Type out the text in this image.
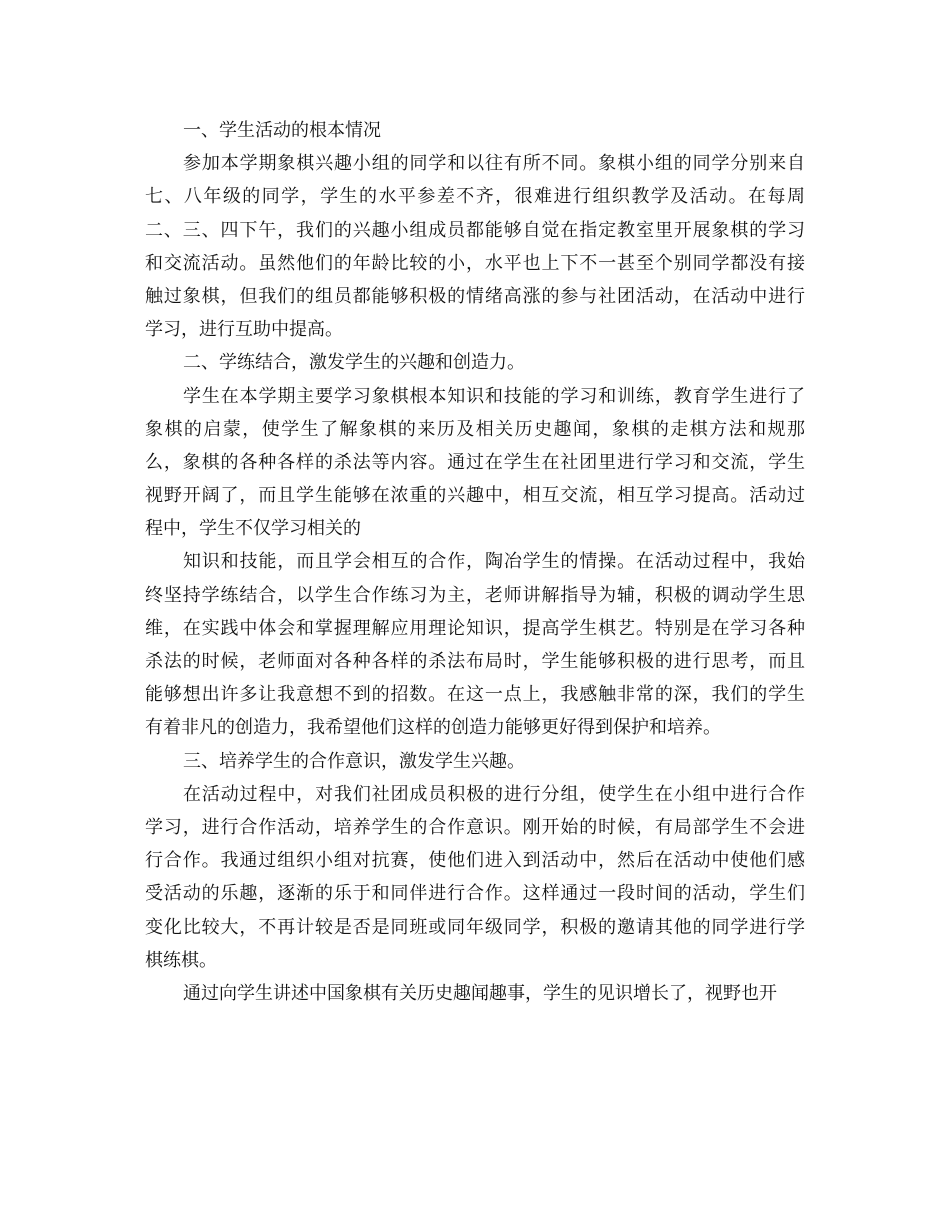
一、学生活动的根本情况
参加本学期象棋兴趣小组的同学和以往有所不同。象棋小组的同学分别来自
七、八年级的同学，学生的水平参差不齐，很难进行组织教学及活动。在每周
二、三、四下午，我们的兴趣小组成员都能够自觉在指定教室里开展象棋的学习
和交流活动。虽然他们的年龄比较的小，水平也上下不一甚至个别同学都没有接
触过象棋，但我们的组员都能够积极的情绪高涨的参与社团活动，在活动中进行
学习，进行互助中提高。
二、学练结合，激发学生的兴趣和创造力。
学生在本学期主要学习象棋根本知识和技能的学习和训练，教育学生进行了
象棋的启蒙，使学生了解象棋的来历及相关历史趣闻，象棋的走棋方法和规那
么，象棋的各种各样的杀法等内容。通过在学生在社团里进行学习和交流，学生
视野开阔了，而且学生能够在浓重的兴趣中，相互交流，相互学习提高。活动过
程中，学生不仅学习相关的
知识和技能，而且学会相互的合作，陶冶学生的情操。在活动过程中，我始
终坚持学练结合，以学生合作练习为主，老师讲解指导为辅，积极的调动学生思
维，在实践中体会和掌握理解应用理论知识，提高学生棋艺。特别是在学习各种
杀法的时候，老师面对各种各样的杀法布局时，学生能够积极的进行思考，而且
能够想出许多让我意想不到的招数。在这一点上，我感触非常的深，我们的学生
有着非凡的创造力，我希望他们这样的创造力能够更好得到保护和培养。
三、培养学生的合作意识，激发学生兴趣。
在活动过程中，对我们社团成员积极的进行分组，使学生在小组中进行合作
学习，进行合作活动，培养学生的合作意识。刚开始的时候，有局部学生不会进
行合作。我通过组织小组对抗赛，使他们进入到活动中，然后在活动中使他们感
受活动的乐趣，逐渐的乐于和同伴进行合作。这样通过一段时间的活动，学生们
变化比较大，不再计较是否是同班或同年级同学，积极的邀请其他的同学进行学
棋练棋。
通过向学生讲述中国象棋有关历史趣闻趣事，学生的见识增长了，视野也开
